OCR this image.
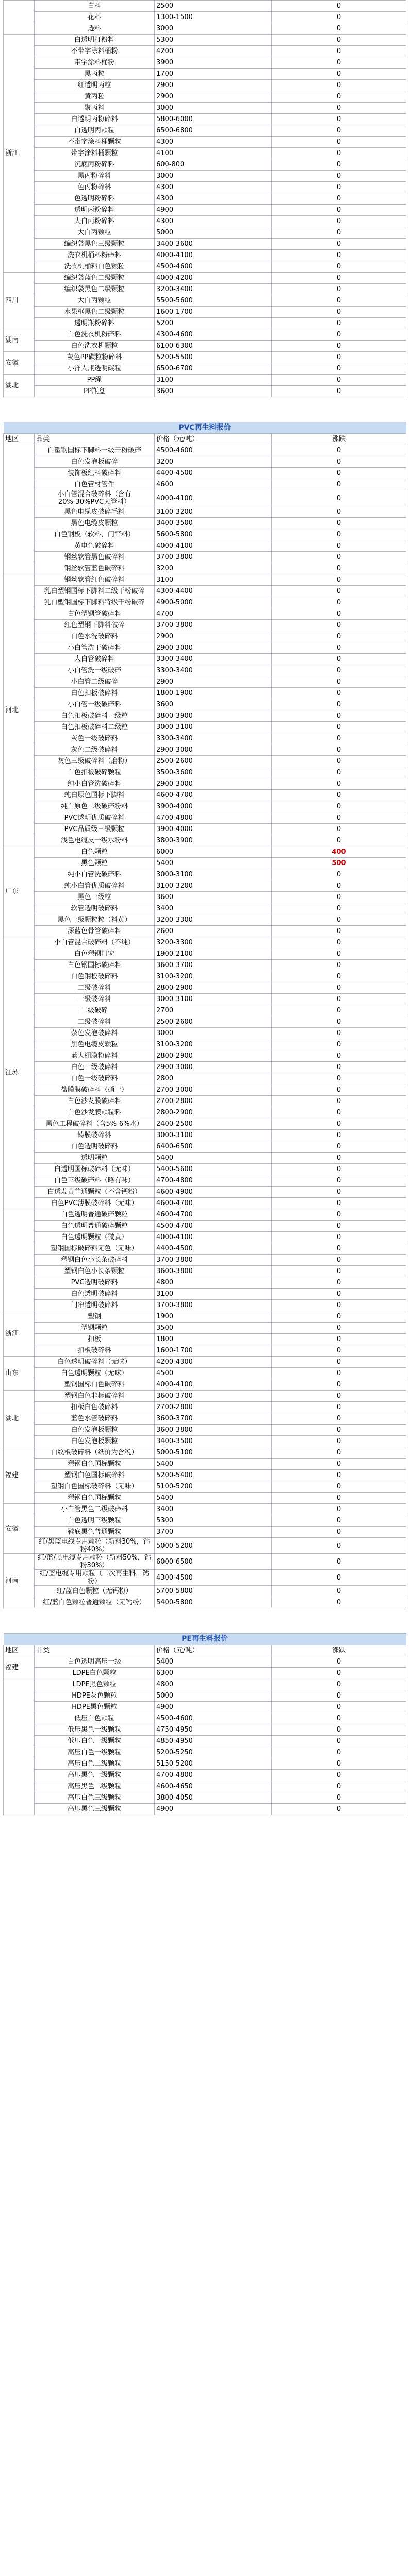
	白料	2500	0
	花料	1300-1500	0
	透料	3000	0
浙江	白透明打粉料	5300	0
	不带字涂料桶粉	4200	0
	带字涂料桶粉	3900	0
	黑丙粒	1700	0
	红透明丙粒	2900	0
	黄丙粒	2900	0
	聚丙料	3000	0
	白透明丙粉碎料	5800-6000	0
	白透明丙颗粒	6500-6800	0
	不带字涂料桶颗粒	4300	0
	带字涂料桶颗粒	4100	0
	沉底丙粉碎料	600-800	0
	黑丙粉碎料	3000	0
	色丙粉碎料	4300	0
	色透明粉碎料	4300	0
	透明丙粉碎料	4900	0
	大白丙粉碎料	4300	0
	大白丙颗粒	5000	0
	编织袋黑色三级颗粒	3400-3600	0
	洗衣机桶料粉碎料	4000-4100	0
	洗衣机桶料白色颗粒	4500-4600	0
四川	编织袋蓝色二级颗粒	4000-4200	0
	编织袋黑色二级颗粒	3200-3400	0
	大白丙颗粒	5500-5600	0
	水果框黑色二级颗粒	1600-1700	0
	透明瓶粉碎料	5200	0
湖南	白色洗衣机粉碎料	4300-4600	0
	白色洗衣机颗粒	6100-6300	0
安徽	灰色PP碳粒粉碎料	5200-5500	0
	小洋人瓶透明碳粒	6500-6700	0
湖北	PP绳	3100	0
	PP瓶盒	3600	0
PVC再生料报价			
地区	品类	价格（元/吨）	涨跌
	白塑钢国标下脚料一级干粉破碎	4500-4600	0
	白色发泡板破碎	3200	0
	装饰板红料破碎料	4400-4500	0
	白色管材管件	4600	0
	小白管混合破碎料（含有20%-30%PVC大管料）	4000-4100	0
	黑色电缆皮破碎毛料	3100-3200	0
	黑色电缆皮颗粒	3400-3500	0
	白色钢板（软料，门帘料）	5600-5800	0
	黄电色破碎料	4000-4100	0
	钢丝软管黑色破碎料	3700-3800	0
	钢丝软管蓝色破碎料	3200	0
河北	钢丝软管红色破碎料	3100	0
	乳白塑钢国标下脚料二级干粉破碎	4300-4400	0
	乳白塑钢国标下脚料特级干粉破碎	4900-5000	0
	白色塑钢管破碎料	4700	0
	红色塑钢下脚料破碎	3700-3800	0
	白色水洗破碎料	2900	0
	小白管洗干破碎料	2900-3000	0
	大白管破碎料	3300-3400	0
	小白管洗一级破碎	3300-3400	0
	小白管二级破碎	2900	0
	白色扣板破碎料	1800-1900	0
	小白管一级破碎料	3600	0
	白色扣板破碎料一级粒	3800-3900	0
	白色扣板破碎料二级粒	3000-3100	0
	灰色一级破碎料	3300-3400	0
	灰色二级破碎料	2900-3000	0
	灰色三级破碎料（磨粉）	2500-2600	0
	白色扣板破碎颗粒	3500-3600	0
	纯小白管洗破碎料	2900-3000	0
	纯白原色国标下脚料	4600-4700	0
	纯白原色二级破碎粉料	3900-4000	0
	PVC透明优质破碎料	4700-4800	0
	PVC品质级三级颗粒	3900-4000	0
	浅色电缆皮一级水粉料	3800-3900	0
广东	白色颗粒	6000	400
	黑色颗粒	5400	500
	纯小白管洗破碎料	3000-3100	0
	纯小白管优质破碎料	3100-3200	0
	黑色一级粒	3600	0
	软管透明破碎料	3400	0
	黑色一级颗粒粒（料黄）	3200-3300	0
	深蓝色骨管破碎料	2600	0
江苏	小白管混合破碎料（不纯）	3200-3300	0
	白色塑钢门窗	1900-2100	0
	白色钢国标破碎料	3600-3700	0
	白色钢板破碎料	3100-3200	0
	二级破碎料	2800-2900	0
	一级破碎料	3000-3100	0
	二级破碎	2700	0
	二级破碎料	2500-2600	0
	杂色发泡破碎料	3000	0
	黑色电缆皮颗粒	3100-3200	0
	蓝大棚膜粉碎料	2800-2900	0
	白色一级破碎料	2900-3000	0
	白色一级破碎料	2800	0
	盐膜膜破碎料（硝干）	2700-3000	0
	白色沙发膜破碎料	2700-2800	0
	白色沙发膜颗粒料	2800-2900	0
	黑色工程破碎料（含5%-6%水）	2400-2500	0
	铸膜破碎料	3000-3100	0
	白色透明破碎料	6400-6500	0
	透明颗粒	5400	0
	白透明国标破碎料（无味）	5400-5600	0
	白色三级破碎料（略有味）	4700-4800	0
	白透发黄普通颗粒（不含钙粉）	4600-4900	0
	白色PVC薄膜破碎料（无味）	4600-4700	0
	白色透明普通破碎颗粒	4600-4700	0
	白色透明普通破碎颗粒	4500-4700	0
	白色透明颗粒（微黄）	4000-4100	0
	塑钢国标破碎料无色（无味）	4400-4500	0
	塑钢白色小长条破碎料	3700-3800	0
	塑钢白色小长条颗粒	3600-3800	0
	PVC透明破碎料	4800	0
	白色透明破碎料	3100	0
	门帘透明破碎料	3700-3800	0
浙江	塑钢	1900	0
	塑钢颗粒	3500	0
	扣板	1800	0
	扣板破碎料	1600-1700	0
山东	白色透明破碎料（无味）	4200-4300	0
	白色透明颗粒（无味）	4500	0
	塑钢国标白色破碎料	4000-4100	0
湖北	塑钢白色非标破碎料	3600-3700	0
	扣板白色破碎料	2700-2800	0
	蓝色水管破碎料	3600-3700	0
	白色发泡板颗粒	3600-3800	0
	白色发泡板颗粒	3400-3500	0
福建	白纹板破碎料（纸价为含税）	5000-5100	0
	塑钢白色国标颗粒	5400	0
	塑钢白色国标破碎料	5200-5400	0
	塑钢白色国标破碎料（无味）	5100-5200	0
	塑钢白色国标颗粒	5400	0
安徽	小白管黑色二级破碎料	3400	0
	白色透明三级颗粒	5300	0
	鞋底黑色普通颗粒	3700	0
	红/黑蓝电线专用颗粒（新料30%，钙粉40%）	5000-5200	0
河南	红/蓝/黑电缆专用颗粒（新料50%，钙粉30%）	6000-6500	0
	红/蓝电缆专用颗粒（二次再生料，钙粉）	4300-4500	0
	红/蓝白色颗粒（无钙粉）	5700-5800	0
	红/蓝白色颗粒普通颗粒（无钙粉）	5400-5800	0
PE再生料报价			
地区	品类	价格（元/吨）	涨跌
福建	白色透明高压一级	5400	0
	LDPE白色颗粒	6300	0
	LDPE黑色颗粒	4800	0
	HDPE灰色颗粒	5000	0
	HDPE黑色颗粒	4900	0
	低压白色颗粒	4500-4600	0
	低压黑色一级颗粒	4750-4950	0
	低压白色一级颗粒	4850-4950	0
	高压白色一级颗粒	5200-5250	0
	高压白色二级颗粒	5150-5200	0
	高压黑色一级颗粒	4700-4800	0
	高压黑色二级颗粒	4600-4650	0
	高压白色三级颗粒	3800-4050	0
	高压黑色三级颗粒	4900	0
